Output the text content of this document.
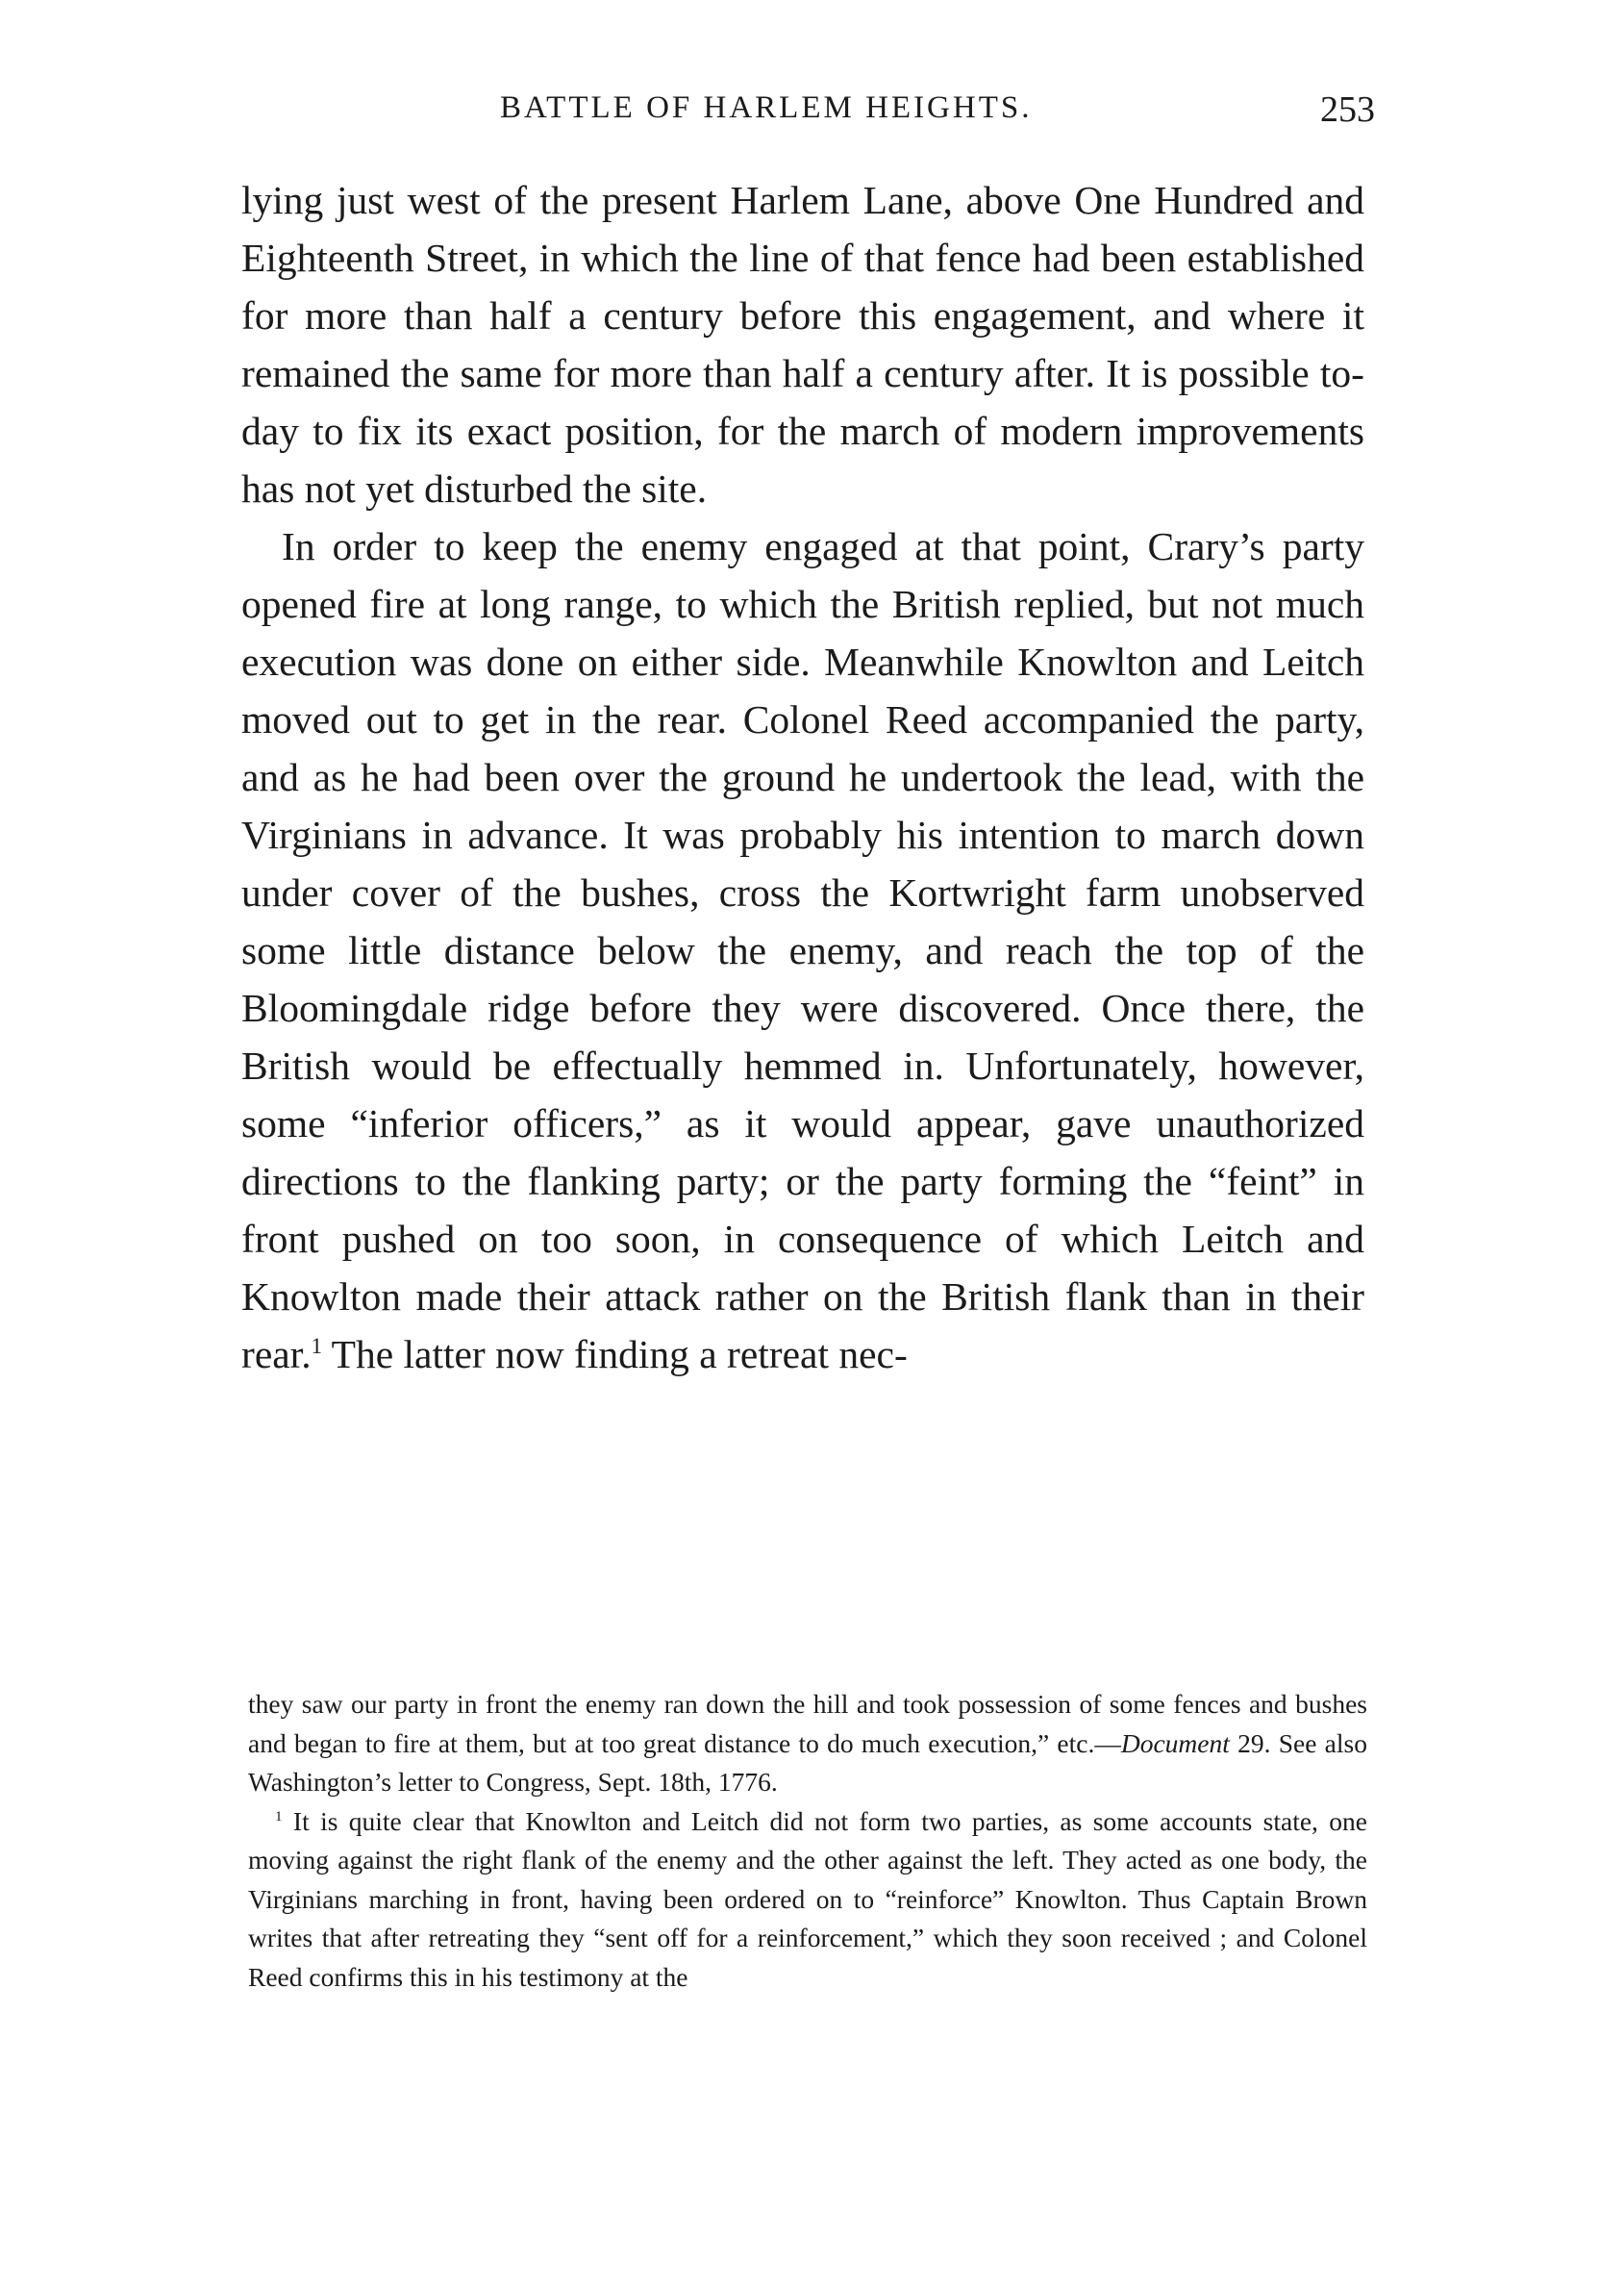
BATTLE OF HARLEM HEIGHTS.	253

lying just west of the present Harlem Lane, above One Hundred and Eighteenth Street, in which the line of that fence had been established for more than half a century before this engagement, and where it remained the same for more than half a century after. It is possible to-day to fix its exact position, for the march of modern improvements has not yet disturbed the site.

In order to keep the enemy engaged at that point, Crary’s party opened fire at long range, to which the British replied, but not much execution was done on either side. Meanwhile Knowlton and Leitch moved out to get in the rear. Colonel Reed accompanied the party, and as he had been over the ground he undertook the lead, with the Virginians in advance. It was probably his intention to march down under cover of the bushes, cross the Kortwright farm unobserved some little distance below the enemy, and reach the top of the Bloomingdale ridge before they were discovered. Once there, the British would be effectually hemmed in. Unfortunately, however, some “inferior officers,” as it would appear, gave unauthorized directions to the flanking party; or the party forming the “feint” in front pushed on too soon, in consequence of which Leitch and Knowlton made their attack rather on the British flank than in their rear.$^1$ The latter now finding a retreat nec-

they saw our party in front the enemy ran down the hill and took possession of some fences and bushes and began to fire at them, but at too great distance to do much execution,” etc.—Document 29. See also Washington’s letter to Congress, Sept. 18th, 1776.

$^1$ It is quite clear that Knowlton and Leitch did not form two parties, as some accounts state, one moving against the right flank of the enemy and the other against the left. They acted as one body, the Virginians marching in front, having been ordered on to “reinforce” Knowlton. Thus Captain Brown writes that after retreating they “sent off for a reinforcement,” which they soon received ; and Colonel Reed confirms this in his testimony at the
